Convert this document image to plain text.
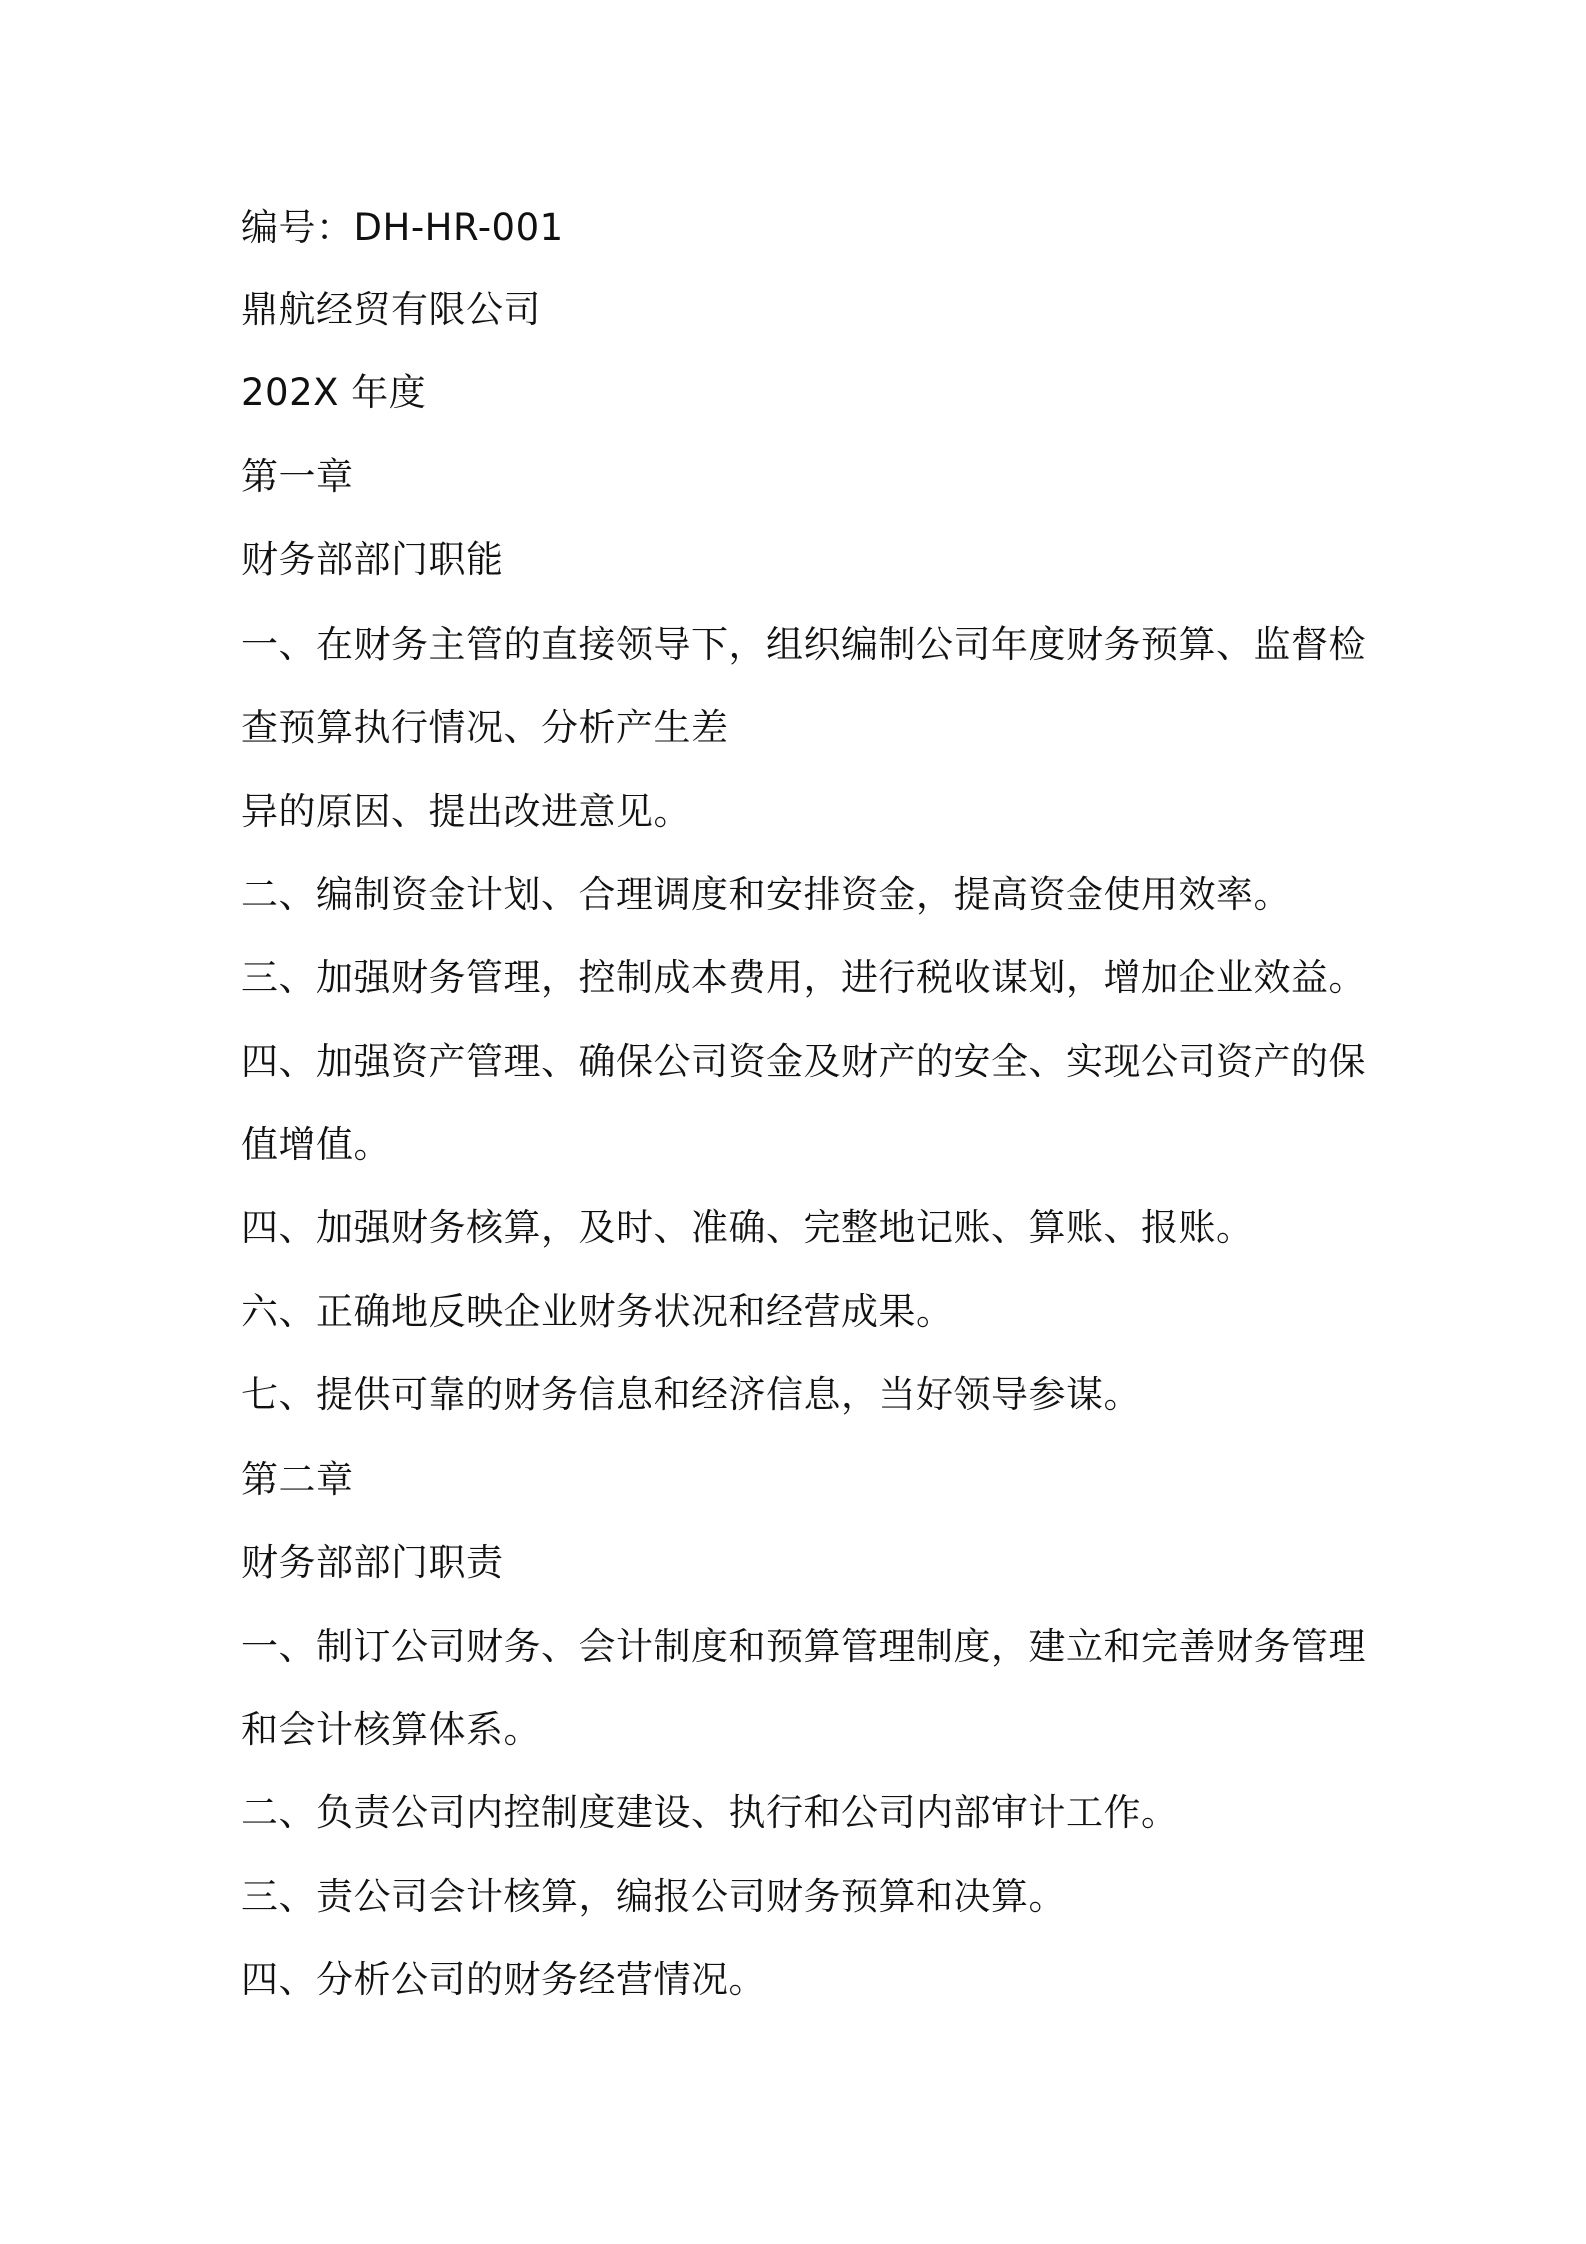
编号：DH-HR-001

鼎航经贸有限公司

202X 年度

第一章

财务部部门职能

一、在财务主管的直接领导下，组织编制公司年度财务预算、监督检

查预算执行情况、分析产生差

异的原因、提出改进意见。

二、编制资金计划、合理调度和安排资金，提高资金使用效率。

三、加强财务管理，控制成本费用，进行税收谋划，增加企业效益。

四、加强资产管理、确保公司资金及财产的安全、实现公司资产的保

值增值。

四、加强财务核算，及时、准确、完整地记账、算账、报账。

六、正确地反映企业财务状况和经营成果。

七、提供可靠的财务信息和经济信息，当好领导参谋。

第二章

财务部部门职责

一、制订公司财务、会计制度和预算管理制度，建立和完善财务管理

和会计核算体系。

二、负责公司内控制度建设、执行和公司内部审计工作。

三、责公司会计核算，编报公司财务预算和决算。

四、分析公司的财务经营情况。
